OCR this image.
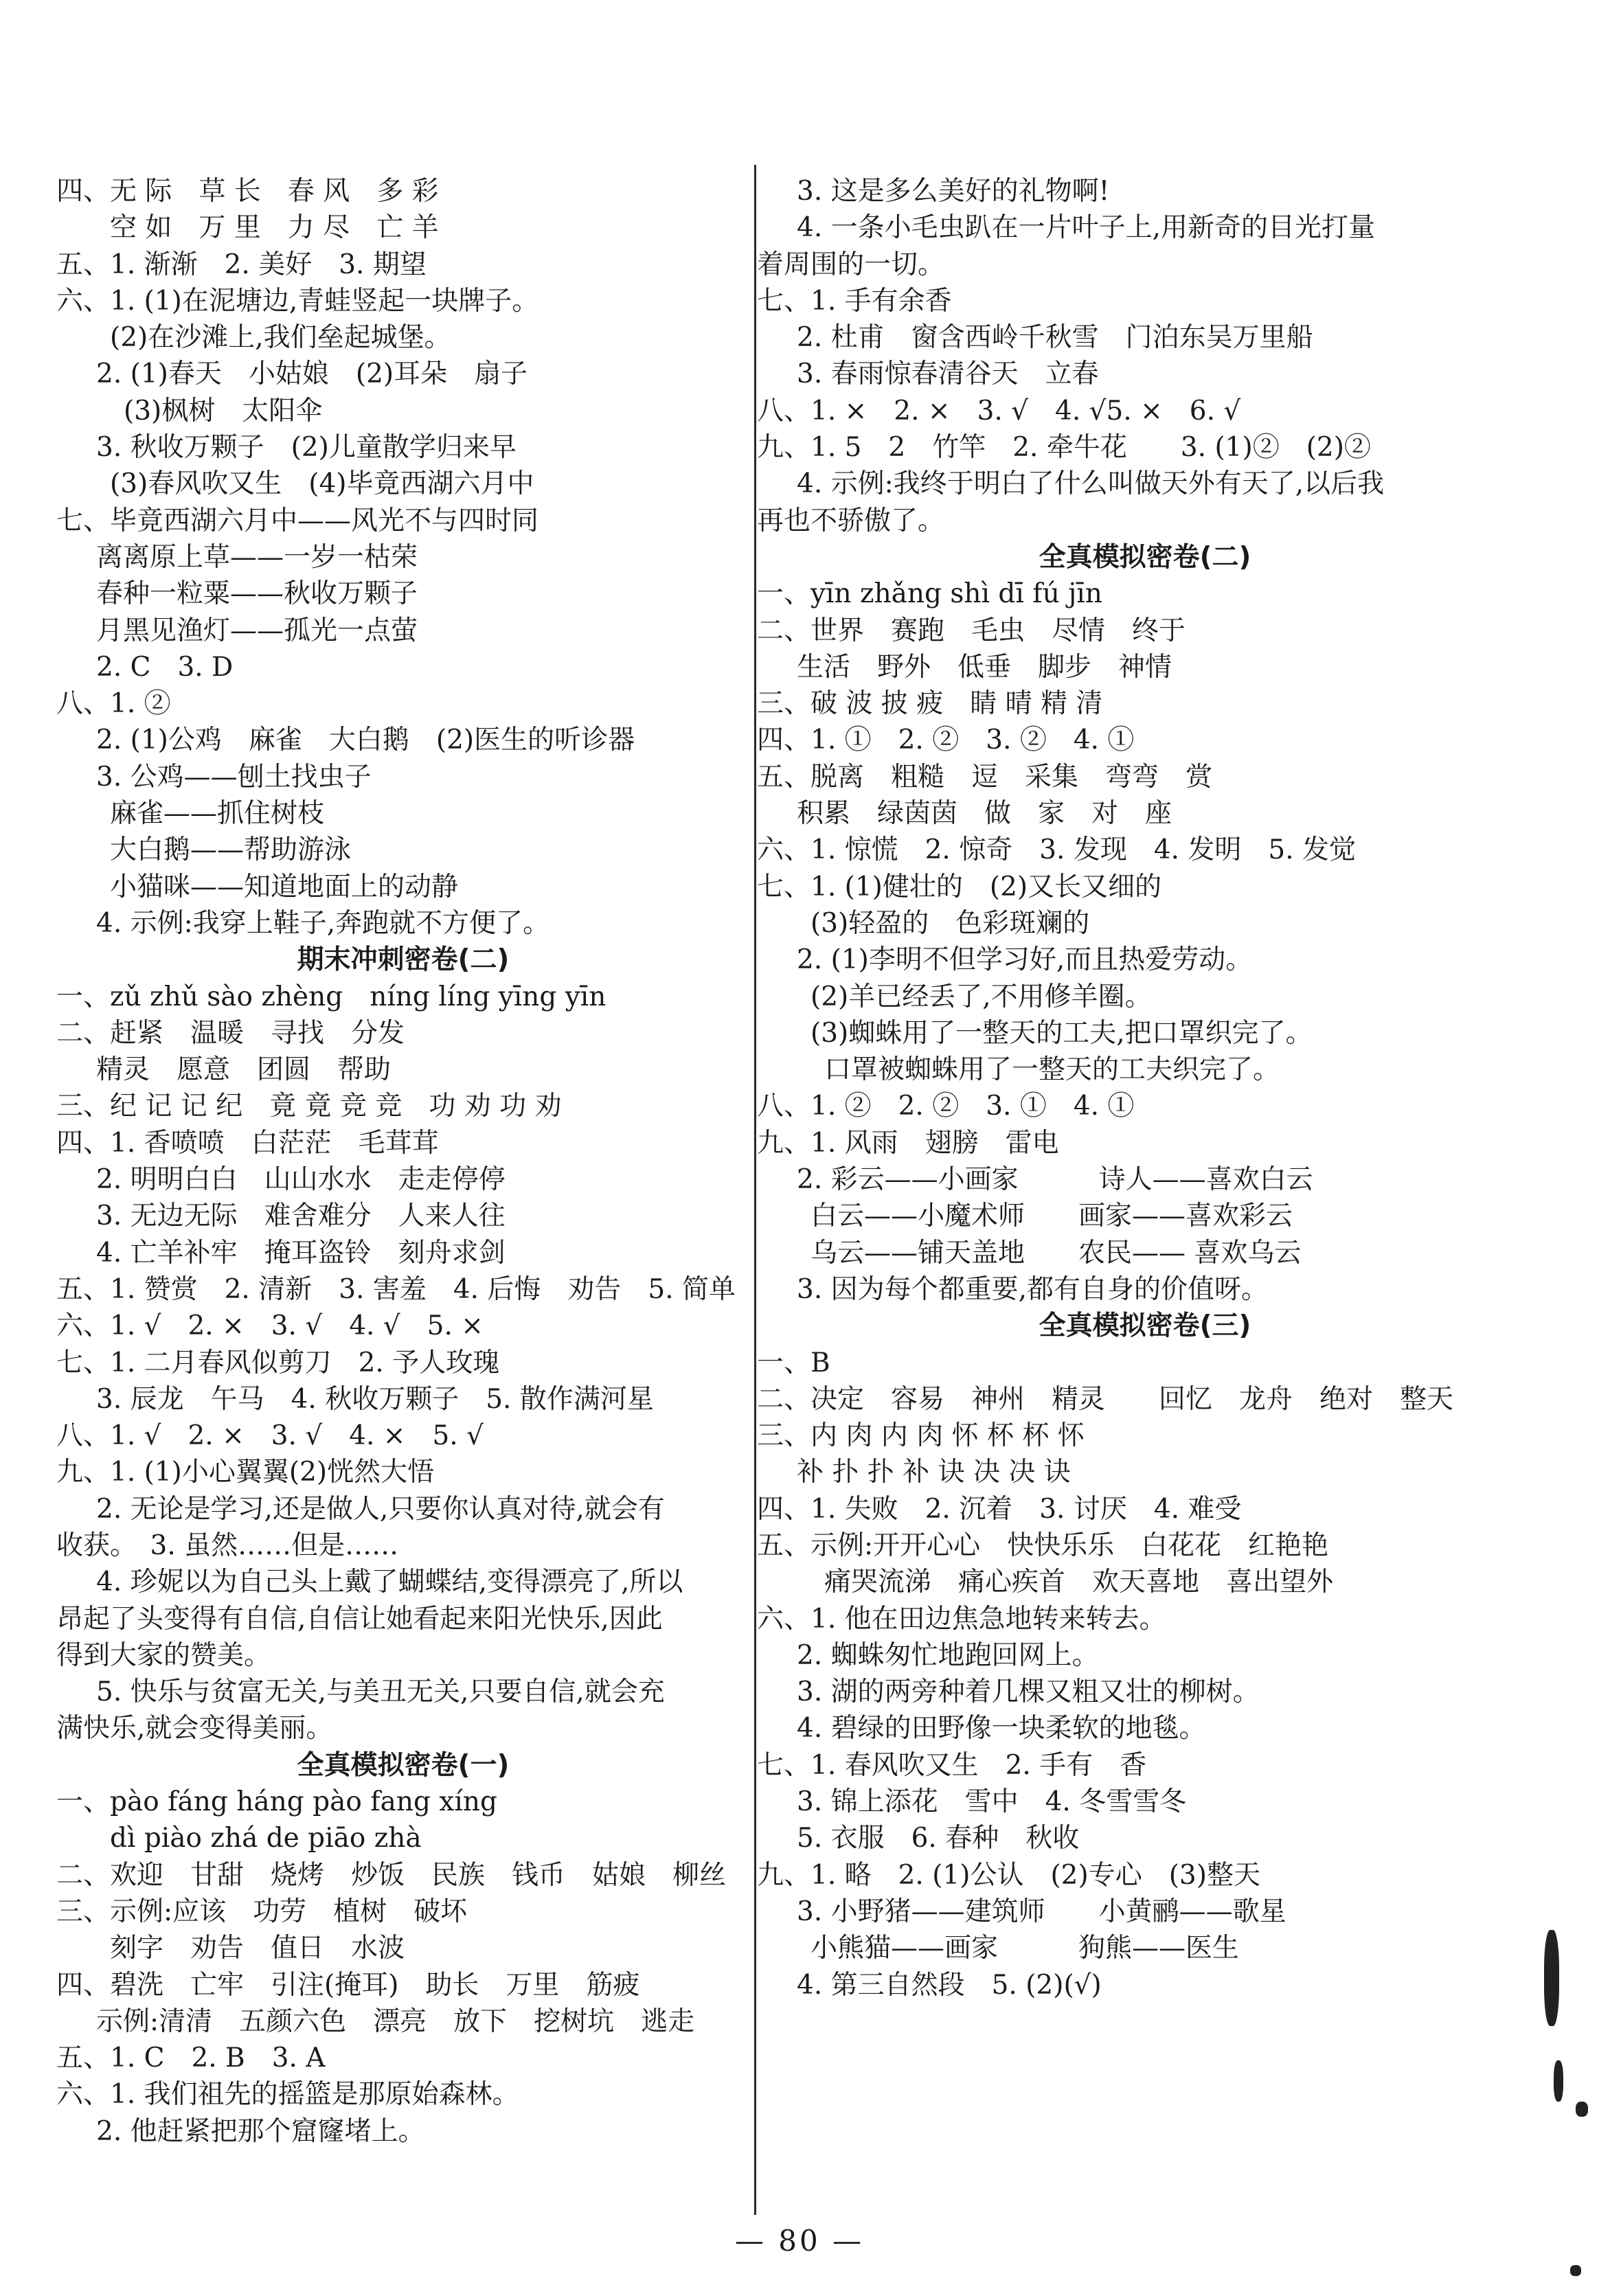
四、无 际　草 长　春 风　多 彩
空 如　万 里　力 尽　亡 羊
五、1. 渐渐　2. 美好　3. 期望
六、1. (1)在泥塘边,青蛙竖起一块牌子。
(2)在沙滩上,我们垒起城堡。
2. (1)春天　小姑娘　(2)耳朵　扇子
(3)枫树　太阳伞
3. 秋收万颗子　(2)儿童散学归来早
(3)春风吹又生　(4)毕竟西湖六月中
七、毕竟西湖六月中——风光不与四时同
离离原上草——一岁一枯荣
春种一粒粟——秋收万颗子
月黑见渔灯——孤光一点萤
2. C　3. D
八、1. ②
2. (1)公鸡　麻雀　大白鹅　(2)医生的听诊器
3. 公鸡——刨土找虫子
麻雀——抓住树枝
大白鹅——帮助游泳
小猫咪——知道地面上的动静
4. 示例:我穿上鞋子,奔跑就不方便了。
期末冲刺密卷(二)
一、zǔ zhǔ sào zhèng　níng líng yīng yīn
二、赶紧　温暖　寻找　分发
精灵　愿意　团圆　帮助
三、纪 记 记 纪　竟 竟 竞 竞　功 劝 功 劝
四、1. 香喷喷　白茫茫　毛茸茸
2. 明明白白　山山水水　走走停停
3. 无边无际　难舍难分　人来人往
4. 亡羊补牢　掩耳盗铃　刻舟求剑
五、1. 赞赏　2. 清新　3. 害羞　4. 后悔　劝告　5. 简单
六、1. √　2. ×　3. √　4. √　5. ×
七、1. 二月春风似剪刀　2. 予人玫瑰
3. 辰龙　午马　4. 秋收万颗子　5. 散作满河星
八、1. √　2. ×　3. √　4. ×　5. √
九、1. (1)小心翼翼(2)恍然大悟
2. 无论是学习,还是做人,只要你认真对待,就会有
收获。　3. 虽然……但是……
4. 珍妮以为自己头上戴了蝴蝶结,变得漂亮了,所以
昂起了头变得有自信,自信让她看起来阳光快乐,因此
得到大家的赞美。
5. 快乐与贫富无关,与美丑无关,只要自信,就会充
满快乐,就会变得美丽。
全真模拟密卷(一)
一、pào fáng háng pào fang xíng
dì piào zhá de piāo zhà
二、欢迎　甘甜　烧烤　炒饭　民族　钱币　姑娘　柳丝
三、示例:应该　功劳　植树　破坏
刻字　劝告　值日　水波
四、碧洗　亡牢　引注(掩耳)　助长　万里　筋疲
示例:清清　五颜六色　漂亮　放下　挖树坑　逃走
五、1. C　2. B　3. A
六、1. 我们祖先的摇篮是那原始森林。
2. 他赶紧把那个窟窿堵上。
3. 这是多么美好的礼物啊!
4. 一条小毛虫趴在一片叶子上,用新奇的目光打量
着周围的一切。
七、1. 手有余香
2. 杜甫　窗含西岭千秋雪　门泊东吴万里船
3. 春雨惊春清谷天　立春
八、1. ×　2. ×　3. √　4. √5. ×　6. √
九、1. 5　2　竹竿　2. 牵牛花　　3. (1)②　(2)②
4. 示例:我终于明白了什么叫做天外有天了,以后我
再也不骄傲了。
全真模拟密卷(二)
一、yīn zhǎng shì dī fú jīn
二、世界　赛跑　毛虫　尽情　终于
生活　野外　低垂　脚步　神情
三、破 波 披 疲　睛 晴 精 清
四、1. ①　2. ②　3. ②　4. ①
五、脱离　粗糙　逗　采集　弯弯　赏
积累　绿茵茵　做　家　对　座
六、1. 惊慌　2. 惊奇　3. 发现　4. 发明　5. 发觉
七、1. (1)健壮的　(2)又长又细的
(3)轻盈的　色彩斑斓的
2. (1)李明不但学习好,而且热爱劳动。
(2)羊已经丢了,不用修羊圈。
(3)蜘蛛用了一整天的工夫,把口罩织完了。
口罩被蜘蛛用了一整天的工夫织完了。
八、1. ②　2. ②　3. ①　4. ①
九、1. 风雨　翅膀　雷电
2. 彩云——小画家　　　诗人——喜欢白云
白云——小魔术师　　画家——喜欢彩云
乌云——铺天盖地　　农民—— 喜欢乌云
3. 因为每个都重要,都有自身的价值呀。
全真模拟密卷(三)
一、B
二、决定　容易　神州　精灵　　回忆　龙舟　绝对　整天
三、内 肉 内 肉 怀 杯 杯 怀
补 扑 扑 补 诀 决 决 诀
四、1. 失败　2. 沉着　3. 讨厌　4. 难受
五、示例:开开心心　快快乐乐　白花花　红艳艳
痛哭流涕　痛心疾首　欢天喜地　喜出望外
六、1. 他在田边焦急地转来转去。
2. 蜘蛛匆忙地跑回网上。
3. 湖的两旁种着几棵又粗又壮的柳树。
4. 碧绿的田野像一块柔软的地毯。
七、1. 春风吹又生　2. 手有　香
3. 锦上添花　雪中　4. 冬雪雪冬
5. 衣服　6. 春种　秋收
九、1. 略　2. (1)公认　(2)专心　(3)整天
3. 小野猪——建筑师　　小黄鹂——歌星
小熊猫——画家　　　狗熊——医生
4. 第三自然段　5. (2)(√)
— 80 —
